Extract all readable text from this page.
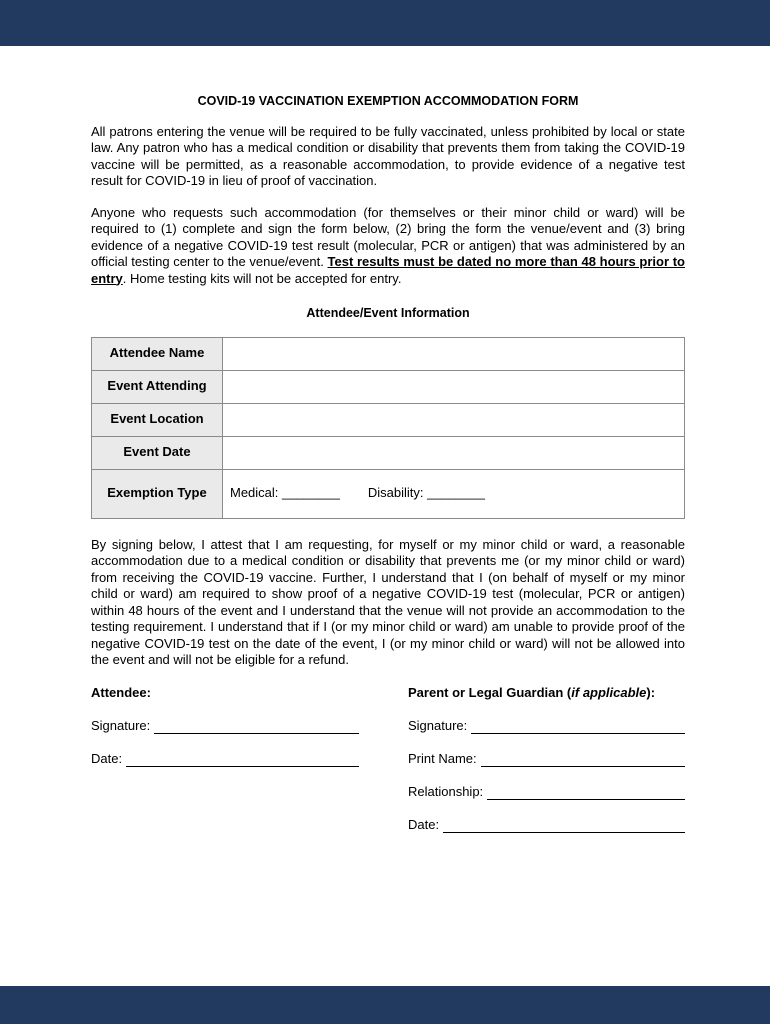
COVID-19 VACCINATION EXEMPTION ACCOMMODATION FORM

All patrons entering the venue will be required to be fully vaccinated, unless prohibited by local or state law. Any patron who has a medical condition or disability that prevents them from taking the COVID-19 vaccine will be permitted, as a reasonable accommodation, to provide evidence of a negative test result for COVID-19 in lieu of proof of vaccination.

Anyone who requests such accommodation (for themselves or their minor child or ward) will be required to (1) complete and sign the form below, (2) bring the form the venue/event and (3) bring evidence of a negative COVID-19 test result (molecular, PCR or antigen) that was administered by an official testing center to the venue/event. Test results must be dated no more than 48 hours prior to entry. Home testing kits will not be accepted for entry.

Attendee/Event Information

Attendee Name	
Event Attending	
Event Location	
Event Date	
Exemption Type	Medical: ________ Disability: ________

By signing below, I attest that I am requesting, for myself or my minor child or ward, a reasonable accommodation due to a medical condition or disability that prevents me (or my minor child or ward) from receiving the COVID-19 vaccine. Further, I understand that I (on behalf of myself or my minor child or ward) am required to show proof of a negative COVID-19 test (molecular, PCR or antigen) within 48 hours of the event and I understand that the venue will not provide an accommodation to the testing requirement. I understand that if I (or my minor child or ward) am unable to provide proof of the negative COVID-19 test on the date of the event, I (or my minor child or ward) will not be allowed into the event and will not be eligible for a refund.

Attendee:
Signature:
Date:
Parent or Legal Guardian (if applicable):
Signature:
Print Name:
Relationship:
Date:
